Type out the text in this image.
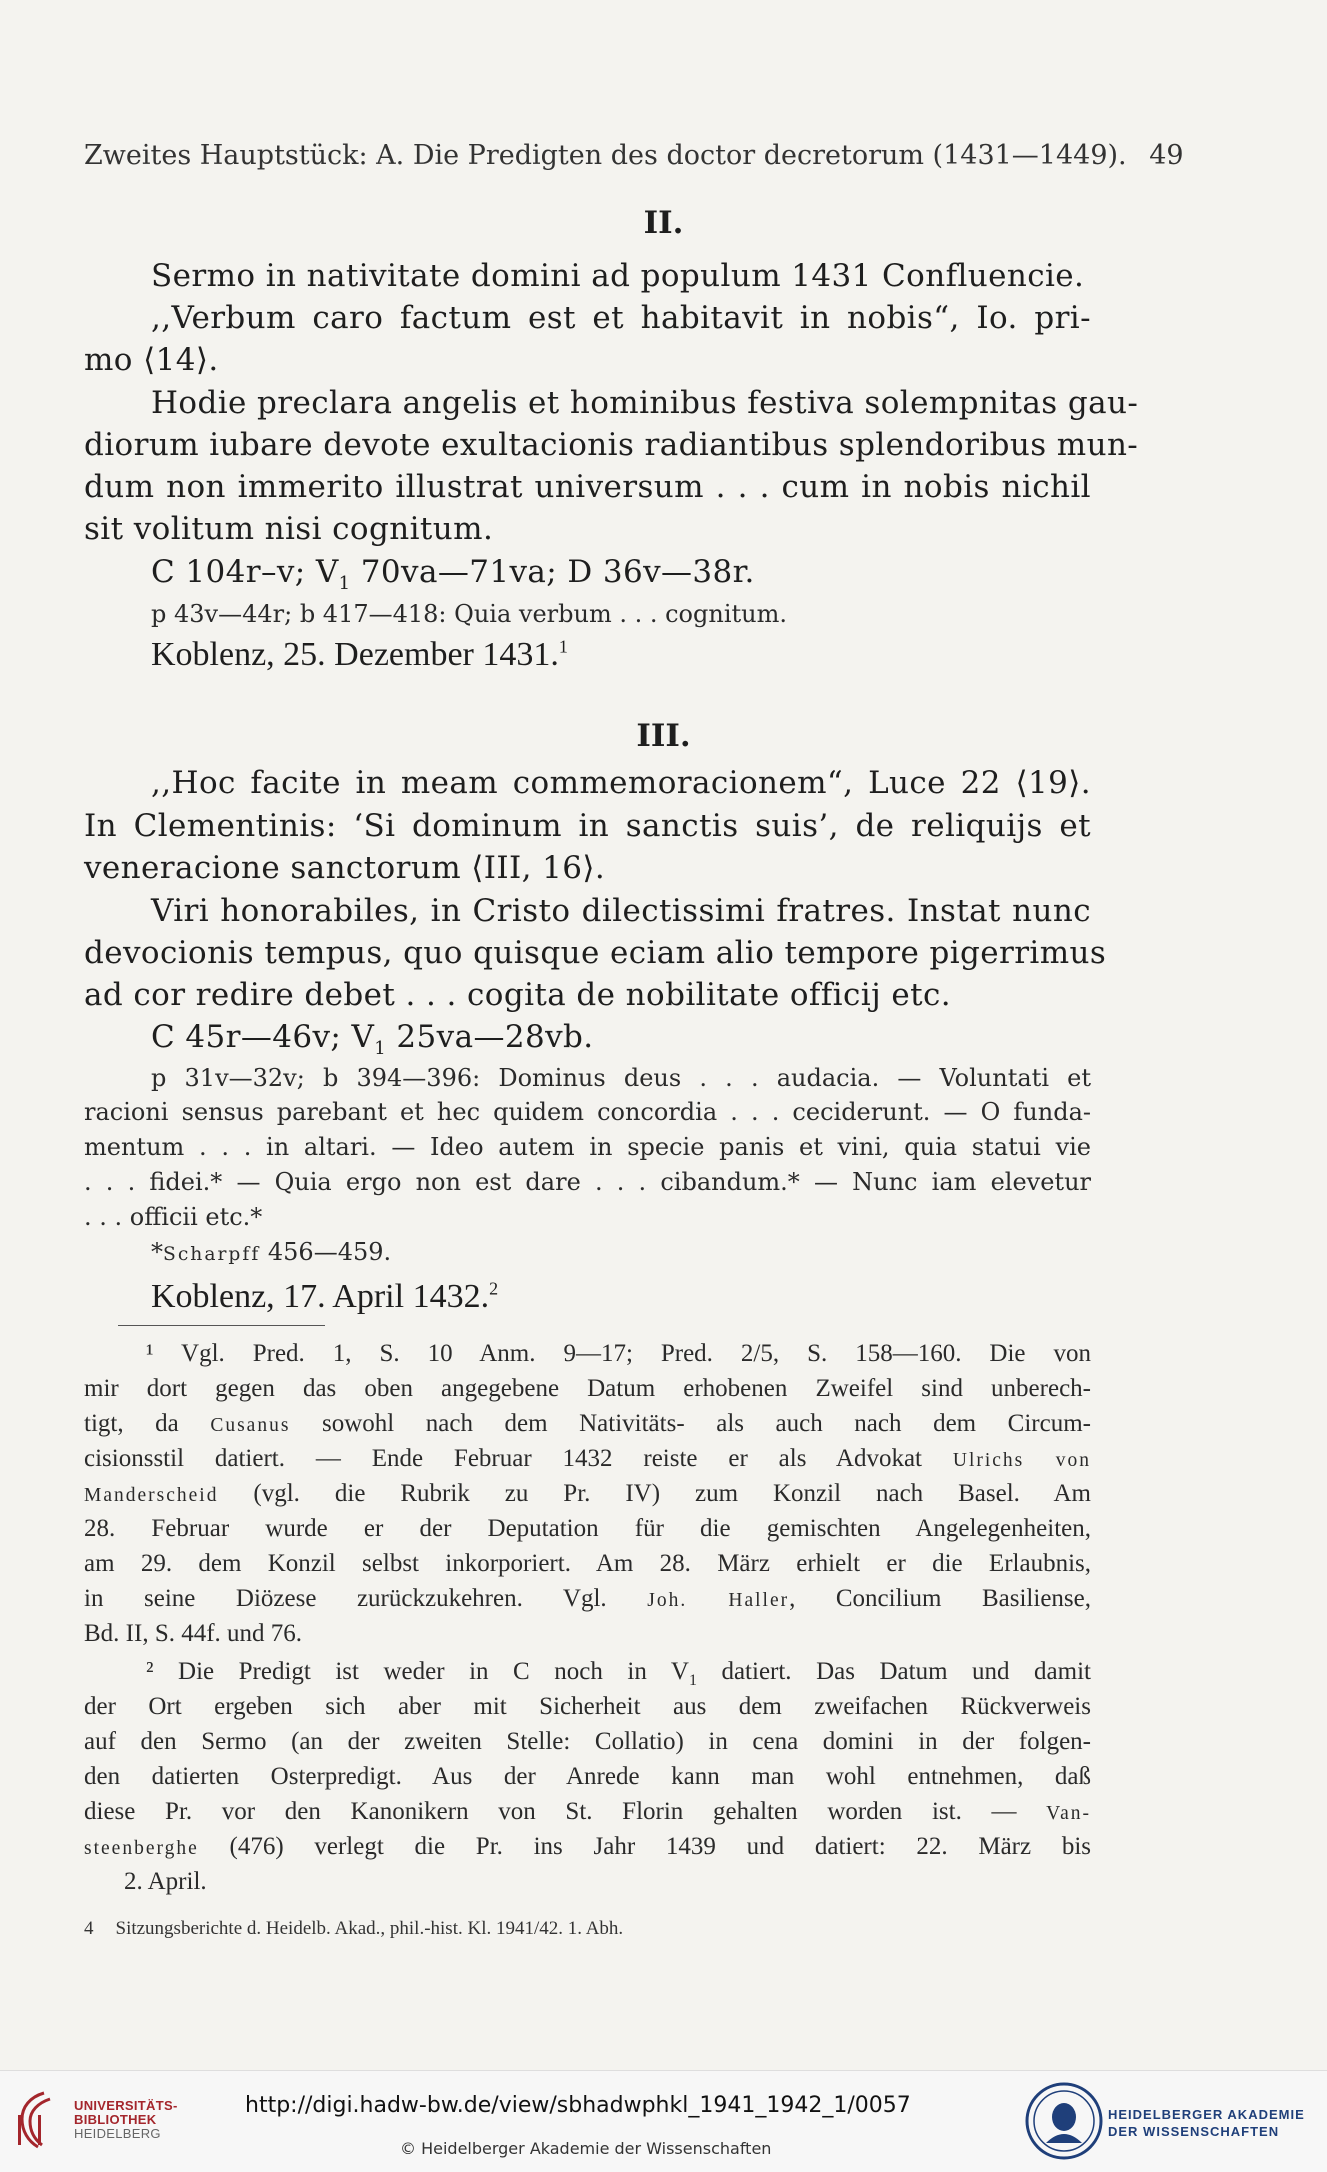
Zweites Hauptstück: A. Die Predigten des doctor decretorum (1431—1449). 49
II.
Sermo in nativitate domini ad populum 1431 Confluencie.
,,Verbum caro factum est et habitavit in nobis“, Io. pri-
mo ⟨14⟩.
Hodie preclara angelis et hominibus festiva solempnitas gau-
diorum iubare devote exultacionis radiantibus splendoribus mun-
dum non immerito illustrat universum . . . cum in nobis nichil
sit volitum nisi cognitum.
C 104r–v; $V_1$ 70va—71va; D 36v—38r.
p 43v—44r; b 417—418: Quia verbum . . . cognitum.
Koblenz, 25. Dezember 1431.$^1$
III.
,,Hoc facite in meam commemoracionem“, Luce 22 ⟨19⟩.
In Clementinis: ‘Si dominum in sanctis suis’, de reliquijs et
veneracione sanctorum ⟨III, 16⟩.
Viri honorabiles, in Cristo dilectissimi fratres. Instat nunc
devocionis tempus, quo quisque eciam alio tempore pigerrimus
ad cor redire debet . . . cogita de nobilitate officij etc.
C 45r—46v; $V_1$ 25va—28vb.
p 31v—32v; b 394—396: Dominus deus . . . audacia. — Voluntati et
racioni sensus parebant et hec quidem concordia . . . ceciderunt. — O funda-
mentum . . . in altari. — Ideo autem in specie panis et vini, quia statui vie
. . . fidei.* — Quia ergo non est dare . . . cibandum.* — Nunc iam elevetur
. . . officii etc.*
*Scharpff 456—459.
Koblenz, 17. April 1432.$^2$
¹ Vgl. Pred. 1, S. 10 Anm. 9—17; Pred. 2/5, S. 158—160. Die von
mir dort gegen das oben angegebene Datum erhobenen Zweifel sind unberech-
tigt, da Cusanus sowohl nach dem Nativitäts- als auch nach dem Circum-
cisionsstil datiert. — Ende Februar 1432 reiste er als Advokat Ulrichs von
Manderscheid (vgl. die Rubrik zu Pr. IV) zum Konzil nach Basel. Am
28. Februar wurde er der Deputation für die gemischten Angelegenheiten,
am 29. dem Konzil selbst inkorporiert. Am 28. März erhielt er die Erlaubnis,
in seine Diözese zurückzukehren. Vgl. Joh. Haller, Concilium Basiliense,
Bd. II, S. 44f. und 76.
² Die Predigt ist weder in C noch in $V_1$ datiert. Das Datum und damit
der Ort ergeben sich aber mit Sicherheit aus dem zweifachen Rückverweis
auf den Sermo (an der zweiten Stelle: Collatio) in cena domini in der folgen-
den datierten Osterpredigt. Aus der Anrede kann man wohl entnehmen, daß
diese Pr. vor den Kanonikern von St. Florin gehalten worden ist. — Van-
steenberghe (476) verlegt die Pr. ins Jahr 1439 und datiert: 22. März bis
2. April.
4 Sitzungsberichte d. Heidelb. Akad., phil.-hist. Kl. 1941/42. 1. Abh.
UNIVERSITÄTS-
BIBLIOTHEK
HEIDELBERG
http://digi.hadw-bw.de/view/sbhadwphkl_1941_1942_1/0057
© Heidelberger Akademie der Wissenschaften
HEIDELBERGER AKADEMIE
DER WISSENSCHAFTEN
